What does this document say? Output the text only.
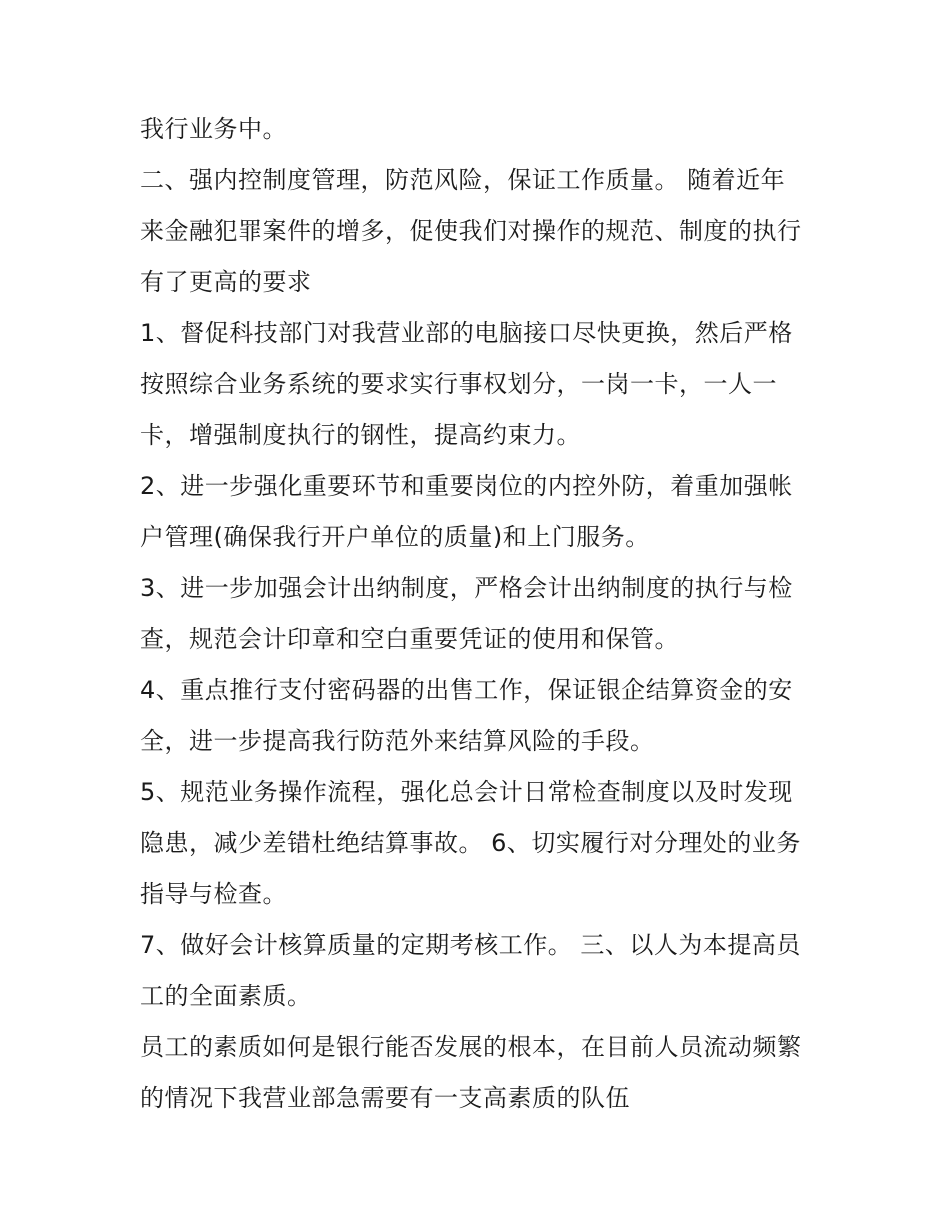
我行业务中。
二、强内控制度管理，防范风险，保证工作质量。 随着近年
来金融犯罪案件的增多，促使我们对操作的规范、制度的执行
有了更高的要求
1、督促科技部门对我营业部的电脑接口尽快更换，然后严格
按照综合业务系统的要求实行事权划分，一岗一卡，一人一
卡，增强制度执行的钢性，提高约束力。
2、进一步强化重要环节和重要岗位的内控外防，着重加强帐
户管理(确保我行开户单位的质量)和上门服务。
3、进一步加强会计出纳制度，严格会计出纳制度的执行与检
查，规范会计印章和空白重要凭证的使用和保管。
4、重点推行支付密码器的出售工作，保证银企结算资金的安
全，进一步提高我行防范外来结算风险的手段。
5、规范业务操作流程，强化总会计日常检查制度以及时发现
隐患，减少差错杜绝结算事故。 6、切实履行对分理处的业务
指导与检查。
7、做好会计核算质量的定期考核工作。 三、以人为本提高员
工的全面素质。
员工的素质如何是银行能否发展的根本，在目前人员流动频繁
的情况下我营业部急需要有一支高素质的队伍
